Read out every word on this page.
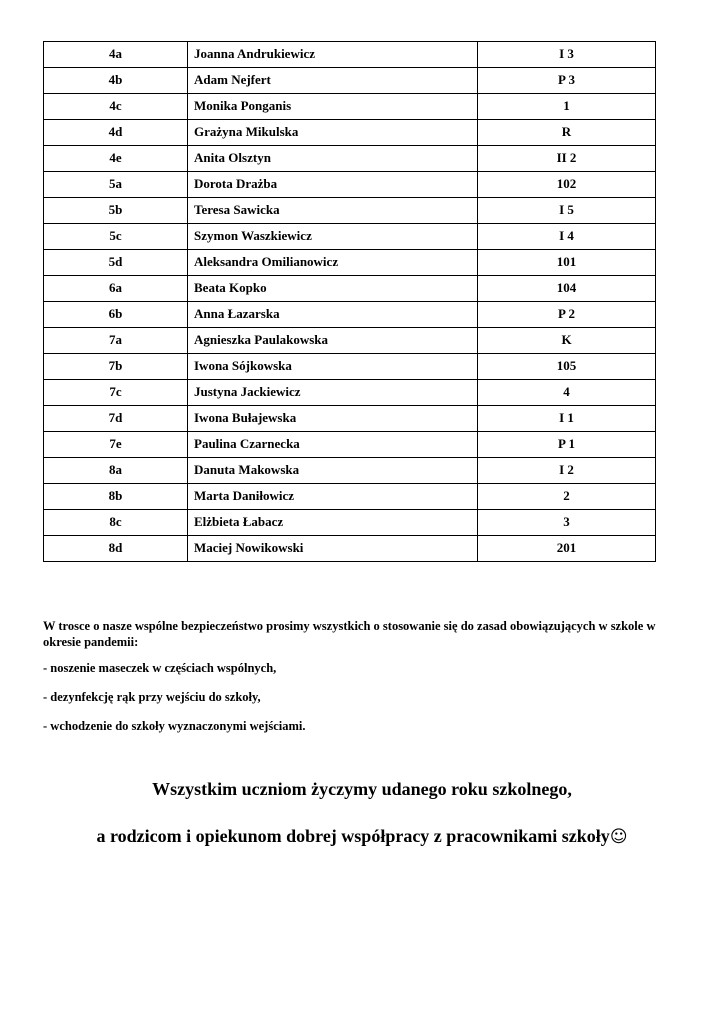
4a	Joanna Andrukiewicz	I 3
4b	Adam Nejfert	P 3
4c	Monika Ponganis	1
4d	Grażyna Mikulska	R
4e	Anita Olsztyn	II 2
5a	Dorota Drażba	102
5b	Teresa Sawicka	I 5
5c	Szymon Waszkiewicz	I 4
5d	Aleksandra Omilianowicz	101
6a	Beata Kopko	104
6b	Anna Łazarska	P 2
7a	Agnieszka Paulakowska	K
7b	Iwona Sójkowska	105
7c	Justyna Jackiewicz	4
7d	Iwona Bułajewska	I 1
7e	Paulina Czarnecka	P 1
8a	Danuta Makowska	I 2
8b	Marta Daniłowicz	2
8c	Elżbieta Łabacz	3
8d	Maciej Nowikowski	201

W trosce o nasze wspólne bezpieczeństwo prosimy wszystkich o stosowanie się do zasad obowiązujących w szkole w okresie pandemii:

- noszenie maseczek w częściach wspólnych,

- dezynfekcję rąk przy wejściu do szkoły,

- wchodzenie do szkoły wyznaczonymi wejściami.

Wszystkim uczniom życzymy udanego roku szkolnego,
a rodzicom i opiekunom dobrej współpracy z pracownikami szkoły☺
